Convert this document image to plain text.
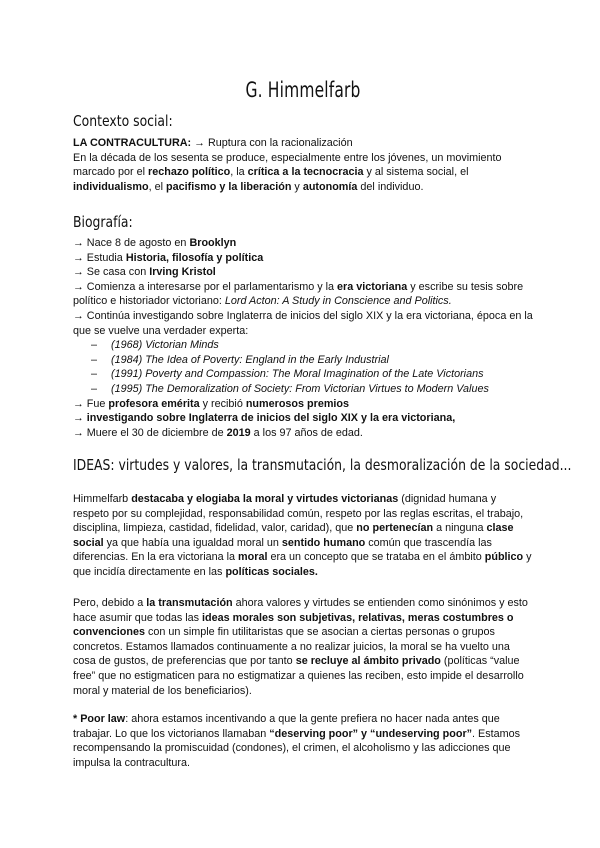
G. Himmelfarb
Contexto social:
LA CONTRACULTURA: → Ruptura con la racionalización

En la década de los sesenta se produce, especialmente entre los jóvenes, un movimiento marcado por el rechazo político, la crítica a la tecnocracia y al sistema social, el individualismo, el pacifismo y la liberación y autonomía del individuo.

Biografía:
→ Nace 8 de agosto en Brooklyn
→ Estudia Historia, filosofía y política
→ Se casa con Irving Kristol
→ Comienza a interesarse por el parlamentarismo y la era victoriana y escribe su tesis sobre político e historiador victoriano: Lord Acton: A Study in Conscience and Politics.
→ Continúa investigando sobre Inglaterra de inicios del siglo XIX y la era victoriana, época en la que se vuelve una verdader experta:
– (1968) Victorian Minds
– (1984) The Idea of Poverty: England in the Early Industrial
– (1991) Poverty and Compassion: The Moral Imagination of the Late Victorians
– (1995) The Demoralization of Society: From Victorian Virtues to Modern Values
→ Fue profesora emérita y recibió numerosos premios
→ investigando sobre Inglaterra de inicios del siglo XIX y la era victoriana,
→ Muere el 30 de diciembre de 2019 a los 97 años de edad.
IDEAS: virtudes y valores, la transmutación, la desmoralización de la sociedad...

Himmelfarb destacaba y elogiaba la moral y virtudes victorianas (dignidad humana y respeto por su complejidad, responsabilidad común, respeto por las reglas escritas, el trabajo, disciplina, limpieza, castidad, fidelidad, valor, caridad), que no pertenecían a ninguna clase social ya que había una igualdad moral un sentido humano común que trascendía las diferencias. En la era victoriana la moral era un concepto que se trataba en el ámbito público y que incidía directamente en las políticas sociales.

Pero, debido a la transmutación ahora valores y virtudes se entienden como sinónimos y esto hace asumir que todas las ideas morales son subjetivas, relativas, meras costumbres o convenciones con un simple fin utilitaristas que se asocian a ciertas personas o grupos concretos. Estamos llamados continuamente a no realizar juicios, la moral se ha vuelto una cosa de gustos, de preferencias que por tanto se recluye al ámbito privado (políticas “value free” que no estigmaticen para no estigmatizar a quienes las reciben, esto impide el desarrollo moral y material de los beneficiarios).

* Poor law: ahora estamos incentivando a que la gente prefiera no hacer nada antes que trabajar. Lo que los victorianos llamaban “deserving poor” y “undeserving poor”. Estamos recompensando la promiscuidad (condones), el crimen, el alcoholismo y las adicciones que impulsa la contracultura.
